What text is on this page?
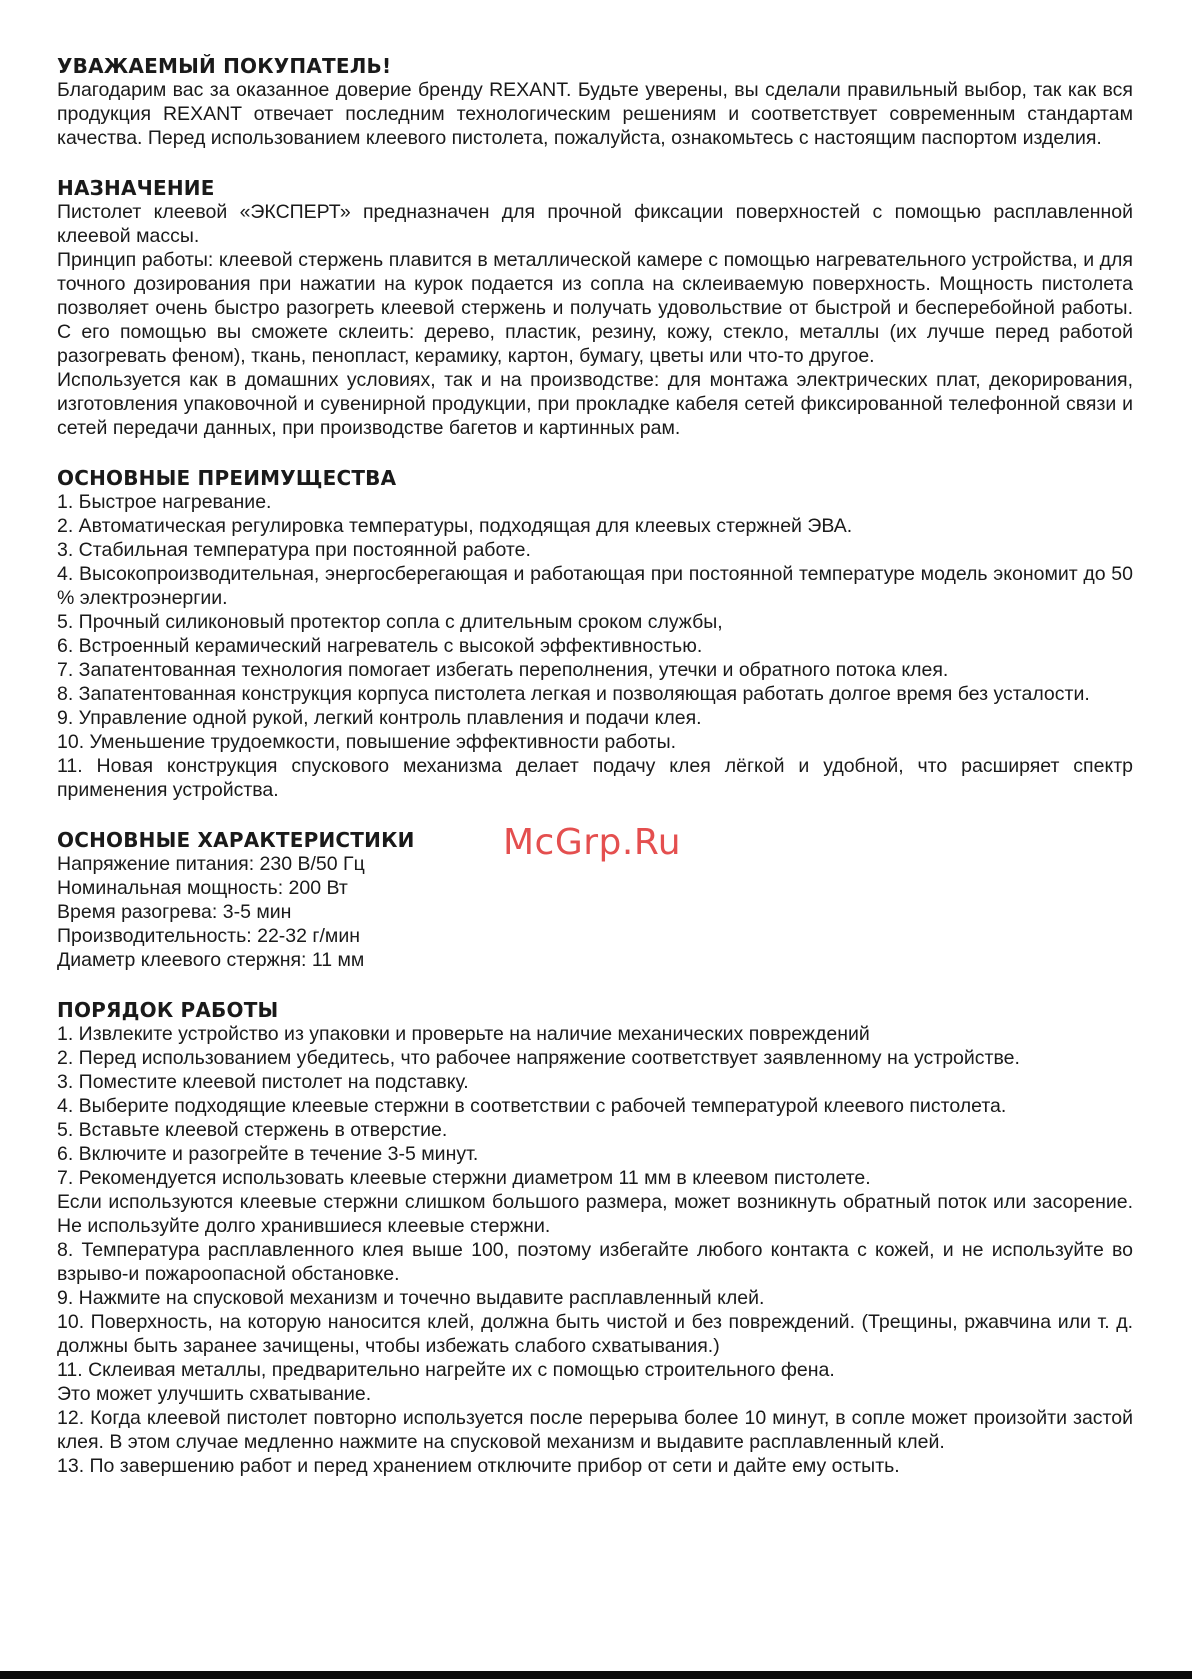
УВАЖАЕМЫЙ ПОКУПАТЕЛЬ!

Благодарим вас за оказанное доверие бренду REXANT. Будьте уверены, вы сделали правильный выбор, так как вся продукция REXANT отвечает последним технологическим решениям и соответствует современным стандартам качества. Перед использованием клеевого пистолета, пожалуйста, ознакомьтесь с настоящим паспортом изделия.

НАЗНАЧЕНИЕ

Пистолет клеевой «ЭКСПЕРТ» предназначен для прочной фиксации поверхностей с помощью расплавленной клеевой массы.

Принцип работы: клеевой стержень плавится в металлической камере с помощью нагревательного устройства, и для точного дозирования при нажатии на курок подается из сопла на склеиваемую поверхность. Мощность пистолета позволяет очень быстро разогреть клеевой стержень и получать удовольствие от быстрой и бесперебойной работы. С его помощью вы сможете склеить: дерево, пластик, резину, кожу, стекло, металлы (их лучше перед работой разогревать феном), ткань, пенопласт, керамику, картон, бумагу, цветы или что-то другое.

Используется как в домашних условиях, так и на производстве: для монтажа электрических плат, декорирования, изготовления упаковочной и сувенирной продукции, при прокладке кабеля сетей фиксированной телефонной связи и сетей передачи данных, при производстве багетов и картинных рам.

ОСНОВНЫЕ ПРЕИМУЩЕСТВА
1. Быстрое нагревание.
2. Автоматическая регулировка температуры, подходящая для клеевых стержней ЭВА.
3. Стабильная температура при постоянной работе.
4. Высокопроизводительная, энергосберегающая и работающая при постоянной температуре модель экономит до 50 % электроэнергии.
5. Прочный силиконовый протектор сопла с длительным сроком службы,
6. Встроенный керамический нагреватель с высокой эффективностью.
7. Запатентованная технология помогает избегать переполнения, утечки и обратного потока клея.
8. Запатентованная конструкция корпуса пистолета легкая и позволяющая работать долгое время без усталости.
9. Управление одной рукой, легкий контроль плавления и подачи клея.
10. Уменьшение трудоемкости, повышение эффективности работы.
11. Новая конструкция спускового механизма делает подачу клея лёгкой и удобной, что расширяет спектр применения устройства.
ОСНОВНЫЕ ХАРАКТЕРИСТИКИ
Напряжение питания: 230 В/50 Гц
Номинальная мощность: 200 Вт
Время разогрева: 3-5 мин
Производительность: 22-32 г/мин
Диаметр клеевого стержня: 11 мм
ПОРЯДОК РАБОТЫ
1. Извлеките устройство из упаковки и проверьте на наличие механических повреждений
2. Перед использованием убедитесь, что рабочее напряжение соответствует заявленному на устройстве.
3. Поместите клеевой пистолет на подставку.
4. Выберите подходящие клеевые стержни в соответствии с рабочей температурой клеевого пистолета.
5. Вставьте клеевой стержень в отверстие.
6. Включите и разогрейте в течение 3-5 минут.
7. Рекомендуется использовать клеевые стержни диаметром 11 мм в клеевом пистолете.
Если используются клеевые стержни слишком большого размера, может возникнуть обратный поток или засорение. Не используйте долго хранившиеся клеевые стержни.
8. Температура расплавленного клея выше 100, поэтому избегайте любого контакта с кожей, и не используйте во взрыво-и пожароопасной обстановке.
9. Нажмите на спусковой механизм и точечно выдавите расплавленный клей.
10. Поверхность, на которую наносится клей, должна быть чистой и без повреждений. (Трещины, ржавчина или т. д. должны быть заранее зачищены, чтобы избежать слабого схватывания.)
11. Склеивая металлы, предварительно нагрейте их с помощью строительного фена.
Это может улучшить схватывание.
12. Когда клеевой пистолет повторно используется после перерыва более 10 минут, в сопле может произойти застой клея. В этом случае медленно нажмите на спусковой механизм и выдавите расплавленный клей.
13. По завершению работ и перед хранением отключите прибор от сети и дайте ему остыть.
McGrp.Ru
